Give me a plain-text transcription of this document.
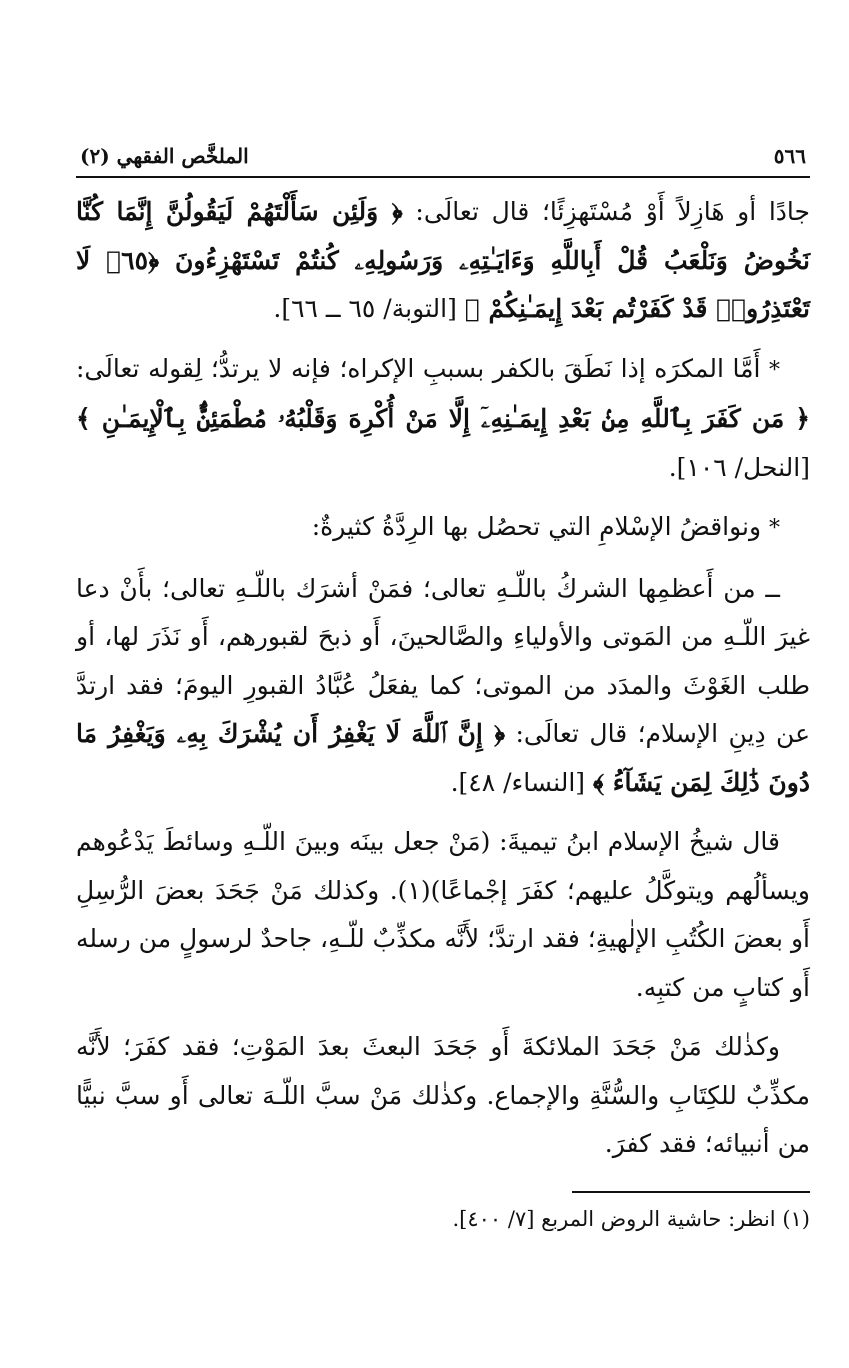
٥٦٦
الملخَّص الفقهي (٢)

جادًا أو هَازِلاً أَوْ مُسْتَهزِئًا؛ قال تعالَى: ﴿ وَلَئِن سَأَلْتَهُمْ لَيَقُولُنَّ إِنَّمَا كُنَّا نَخُوضُ وَنَلْعَبُ قُلْ أَبِاللَّهِ وَءَايَـٰتِهِۦ وَرَسُولِهِۦ كُنتُمْ تَسْتَهْزِءُونَ ﴿٦٥﴾ لَا تَعْتَذِرُوا۟ قَدْ كَفَرْتُم بَعْدَ إِيمَـٰنِكُمْ ﴾ [التوبة/ ٦٥ ــ ٦٦].

* أَمَّا المكرَه إذا نَطَقَ بالكفر بسببِ الإكراه؛ فإنه لا يرتدُّ؛ لِقوله تعالَى: ﴿ مَن كَفَرَ بِٱللَّهِ مِنۢ بَعْدِ إِيمَـٰنِهِۦٓ إِلَّا مَنْ أُكْرِهَ وَقَلْبُهُۥ مُطْمَئِنٌّۢ بِٱلْإِيمَـٰنِ ﴾ [النحل/ ١٠٦].

* ونواقضُ الإسْلامِ التي تحصُل بها الرِدَّةُ كثيرةٌ:

ــ من أَعظمِها الشركُ باللّـهِ تعالى؛ فمَنْ أشرَك باللّـهِ تعالى؛ بأَنْ دعا غيرَ اللّـهِ من المَوتى والأولياءِ والصَّالحينَ، أَو ذبحَ لقبورهم، أَو نَذَرَ لها، أو طلب الغَوْثَ والمدَد من الموتى؛ كما يفعَلُ عُبَّادُ القبورِ اليومَ؛ فقد ارتدَّ عن دِينِ الإسلام؛ قال تعالَى: ﴿ إِنَّ ٱللَّهَ لَا يَغْفِرُ أَن يُشْرَكَ بِهِۦ وَيَغْفِرُ مَا دُونَ ذَٰلِكَ لِمَن يَشَآءُ ﴾ [النساء/ ٤٨].

قال شيخُ الإسلام ابنُ تيميةَ: (مَنْ جعل بينَه وبينَ اللّـهِ وسائطَ يَدْعُوهم ويسألُهم ويتوكَّلُ عليهم؛ كفَرَ إجْماعًا)(١). وكذلك مَنْ جَحَدَ بعضَ الرُّسِلِ أَو بعضَ الكُتُبِ الإلٰهيةِ؛ فقد ارتدَّ؛ لأَنَّه مكذِّبٌ للّـهِ، جاحدٌ لرسولٍ من رسله أَو كتابٍ من كتبِه.

وكذٰلك مَنْ جَحَدَ الملائكةَ أَو جَحَدَ البعثَ بعدَ المَوْتِ؛ فقد كفَرَ؛ لأَنَّه مكذِّبٌ للكِتَابِ والسُّنَّةِ والإجماع. وكذٰلك مَنْ سبَّ اللّـهَ تعالى أَو سبَّ نبيًّا من أنبيائه؛ فقد كفرَ.

(١) انظر: حاشية الروض المربع [٧/ ٤٠٠].
